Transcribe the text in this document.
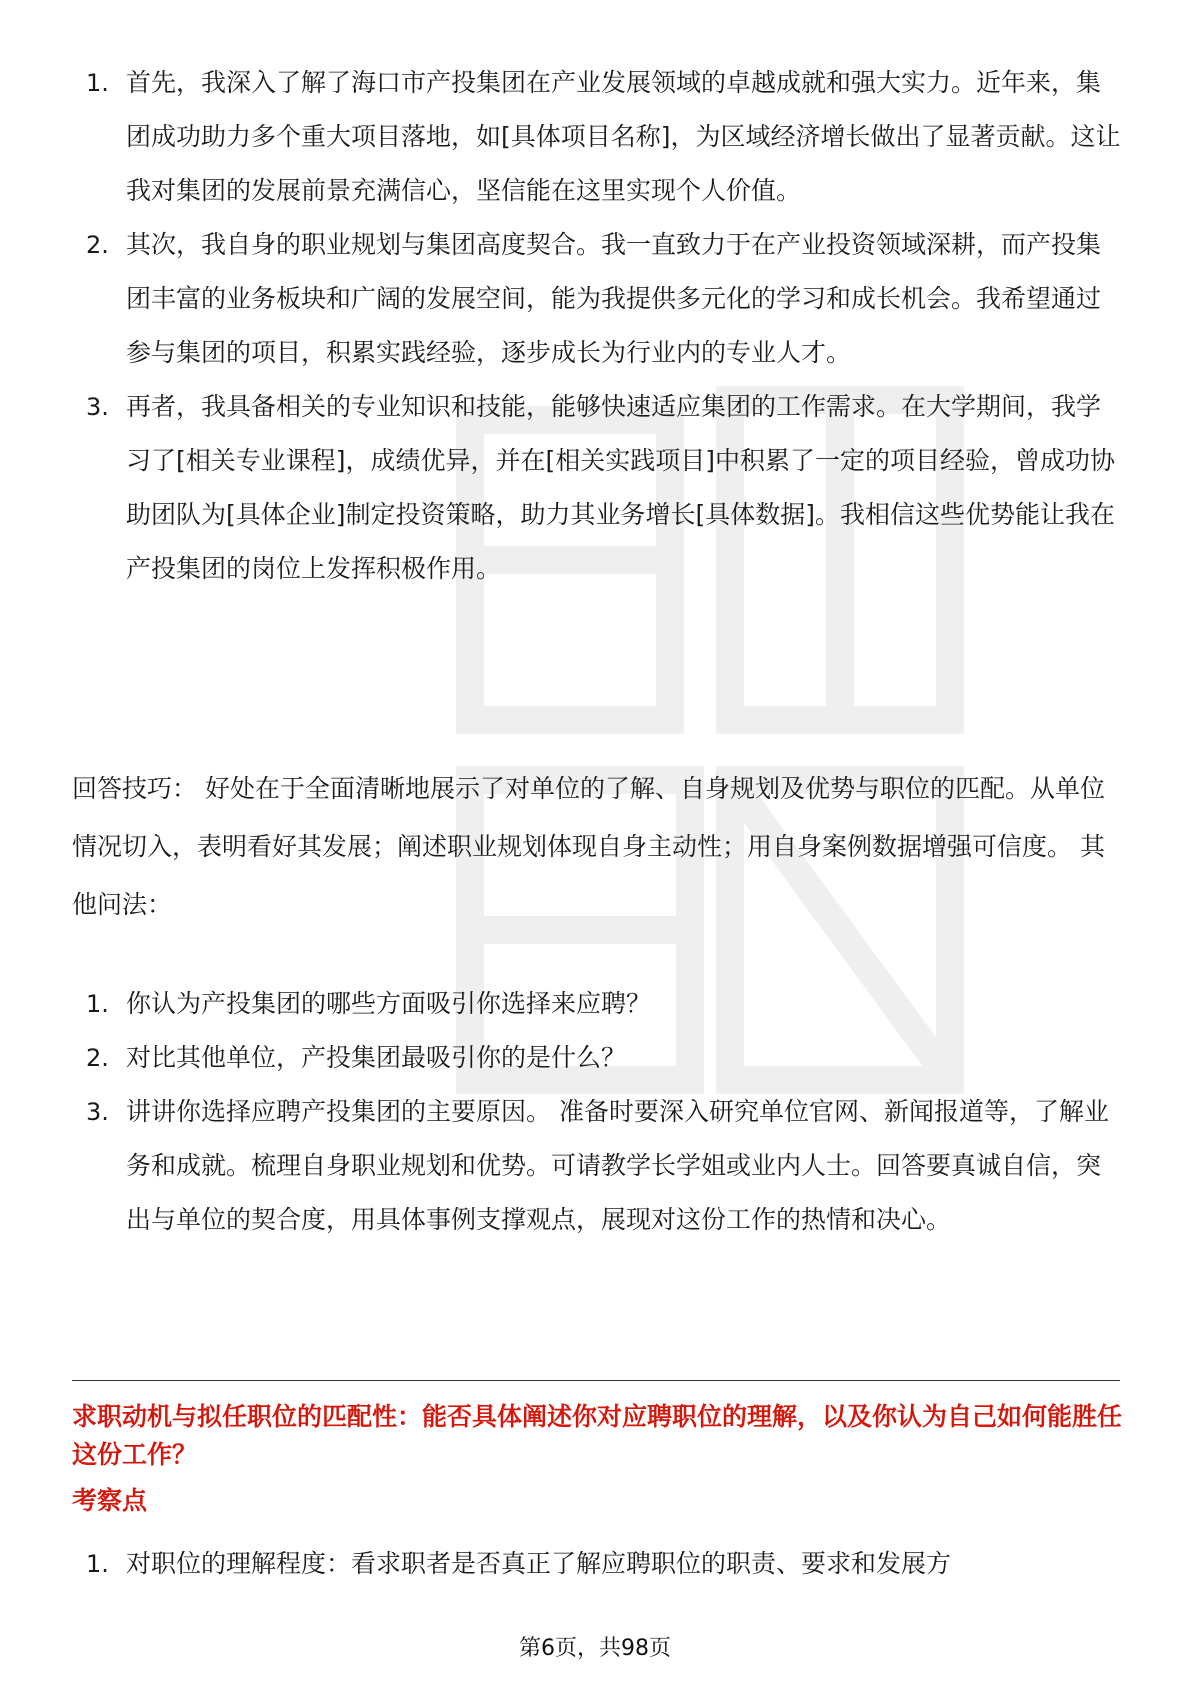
1. 首先，我深入了解了海口市产投集团在产业发展领域的卓越成就和强大实力。近年来，集团成功助力多个重大项目落地，如[具体项目名称]，为区域经济增长做出了显著贡献。这让我对集团的发展前景充满信心，坚信能在这里实现个人价值。
2. 其次，我自身的职业规划与集团高度契合。我一直致力于在产业投资领域深耕，而产投集团丰富的业务板块和广阔的发展空间，能为我提供多元化的学习和成长机会。我希望通过参与集团的项目，积累实践经验，逐步成长为行业内的专业人才。
3. 再者，我具备相关的专业知识和技能，能够快速适应集团的工作需求。在大学期间，我学习了[相关专业课程]，成绩优异，并在[相关实践项目]中积累了一定的项目经验，曾成功协助团队为[具体企业]制定投资策略，助力其业务增长[具体数据]。我相信这些优势能让我在产投集团的岗位上发挥积极作用。

回答技巧： 好处在于全面清晰地展示了对单位的了解、自身规划及优势与职位的匹配。从单位情况切入，表明看好其发展；阐述职业规划体现自身主动性；用自身案例数据增强可信度。 其他问法：

1. 你认为产投集团的哪些方面吸引你选择来应聘？
2. 对比其他单位，产投集团最吸引你的是什么？
3. 讲讲你选择应聘产投集团的主要原因。 准备时要深入研究单位官网、新闻报道等，了解业务和成就。梳理自身职业规划和优势。可请教学长学姐或业内人士。回答要真诚自信，突出与单位的契合度，用具体事例支撑观点，展现对这份工作的热情和决心。

求职动机与拟任职位的匹配性：能否具体阐述你对应聘职位的理解，以及你认为自己如何能胜任这份工作？

考察点

1. 对职位的理解程度：看求职者是否真正了解应聘职位的职责、要求和发展方
第6页，共98页
